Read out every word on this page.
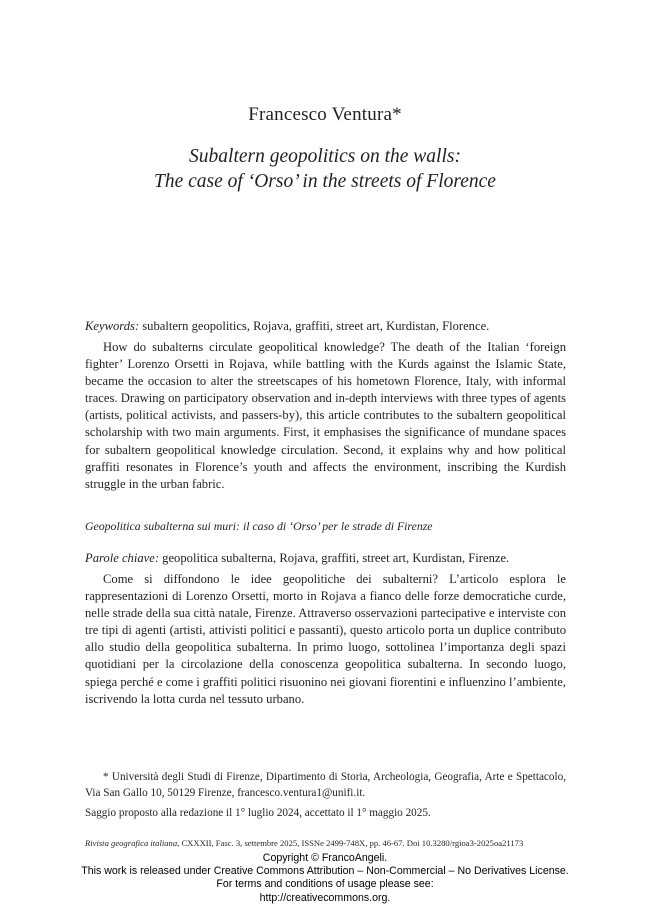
Francesco Ventura*
Subaltern geopolitics on the walls:
The case of ‘Orso’ in the streets of Florence
Keywords: subaltern geopolitics, Rojava, graffiti, street art, Kurdistan, Florence.
How do subalterns circulate geopolitical knowledge? The death of the Italian ‘foreign fighter’ Lorenzo Orsetti in Rojava, while battling with the Kurds against the Islamic State, became the occasion to alter the streetscapes of his hometown Florence, Italy, with informal traces. Drawing on participatory observation and in-depth interviews with three types of agents (artists, political activists, and passers-by), this article contributes to the subaltern geopolitical scholarship with two main arguments. First, it emphasises the significance of mundane spaces for subaltern geopolitical knowledge circulation. Second, it explains why and how political graffiti resonates in Florence’s youth and affects the environment, inscribing the Kurdish struggle in the urban fabric.
Geopolitica subalterna sui muri: il caso di ‘Orso’ per le strade di Firenze
Parole chiave: geopolitica subalterna, Rojava, graffiti, street art, Kurdistan, Firenze.
Come si diffondono le idee geopolitiche dei subalterni? L’articolo esplora le rappresentazioni di Lorenzo Orsetti, morto in Rojava a fianco delle forze democratiche curde, nelle strade della sua città natale, Firenze. Attraverso osservazioni partecipative e interviste con tre tipi di agenti (artisti, attivisti politici e passanti), questo articolo porta un duplice contributo allo studio della geopolitica subalterna. In primo luogo, sottolinea l’importanza degli spazi quotidiani per la circolazione della conoscenza geopolitica subalterna. In secondo luogo, spiega perché e come i graffiti politici risuonino nei giovani fiorentini e influenzino l’ambiente, iscrivendo la lotta curda nel tessuto urbano.
* Università degli Studi di Firenze, Dipartimento di Storia, Archeologia, Geografia, Arte e Spettacolo, Via San Gallo 10, 50129 Firenze, francesco.ventura1@unifi.it.
Saggio proposto alla redazione il 1° luglio 2024, accettato il 1° maggio 2025.
Rivista geografica italiana, CXXXII, Fasc. 3, settembre 2025, ISSNe 2499-748X, pp. 46-67. Doi 10.3280/rgioa3-2025oa21173
Copyright © FrancoAngeli.
This work is released under Creative Commons Attribution – Non-Commercial – No Derivatives License.
For terms and conditions of usage please see:
http://creativecommons.org.
